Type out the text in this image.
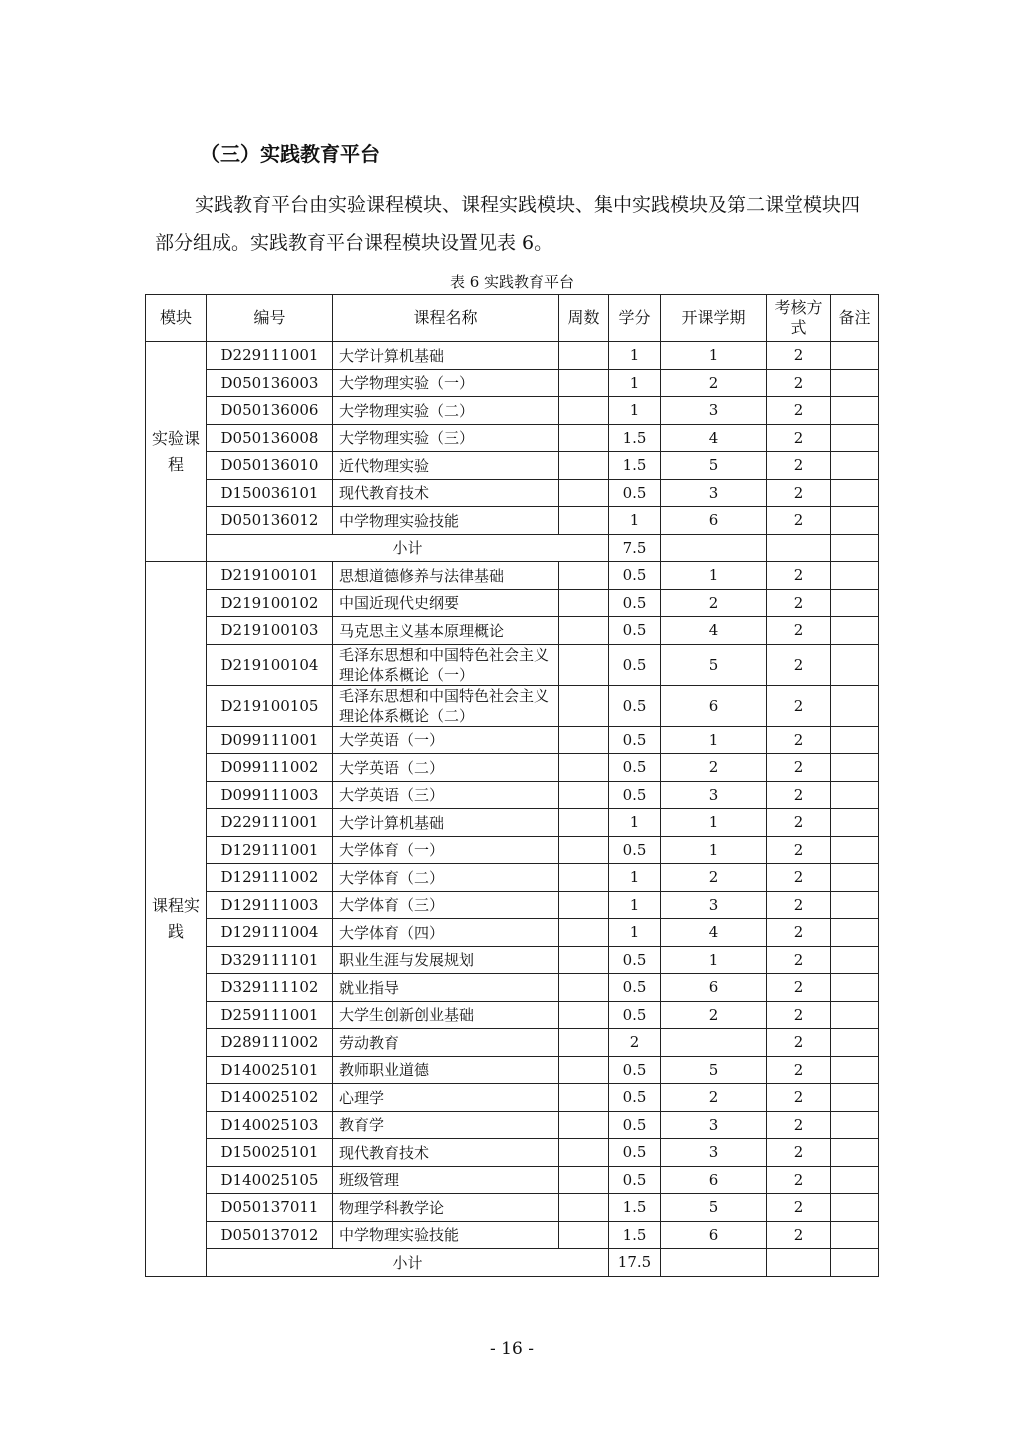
（三）实践教育平台

实践教育平台由实验课程模块、课程实践模块、集中实践模块及第二课堂模块四部分组成。实践教育平台课程模块设置见表 6。

表 6 实践教育平台
模块	编号	课程名称	周数	学分	开课学期	考核方式	备注
实验课程	D229111001	大学计算机基础		1	1	2	
	D050136003	大学物理实验（一）		1	2	2	
	D050136006	大学物理实验（二）		1	3	2	
	D050136008	大学物理实验（三）		1.5	4	2	
	D050136010	近代物理实验		1.5	5	2	
	D150036101	现代教育技术		0.5	3	2	
	D050136012	中学物理实验技能		1	6	2	
	小计			7.5			
课程实践	D219100101	思想道德修养与法律基础		0.5	1	2	
	D219100102	中国近现代史纲要		0.5	2	2	
	D219100103	马克思主义基本原理概论		0.5	4	2	
	D219100104	毛泽东思想和中国特色社会主义理论体系概论（一）		0.5	5	2	
	D219100105	毛泽东思想和中国特色社会主义理论体系概论（二）		0.5	6	2	
	D099111001	大学英语（一）		0.5	1	2	
	D099111002	大学英语（二）		0.5	2	2	
	D099111003	大学英语（三）		0.5	3	2	
	D229111001	大学计算机基础		1	1	2	
	D129111001	大学体育（一）		0.5	1	2	
	D129111002	大学体育（二）		1	2	2	
	D129111003	大学体育（三）		1	3	2	
	D129111004	大学体育（四）		1	4	2	
	D329111101	职业生涯与发展规划		0.5	1	2	
	D329111102	就业指导		0.5	6	2	
	D259111001	大学生创新创业基础		0.5	2	2	
	D289111002	劳动教育		2		2	
	D140025101	教师职业道德		0.5	5	2	
	D140025102	心理学		0.5	2	2	
	D140025103	教育学		0.5	3	2	
	D150025101	现代教育技术		0.5	3	2	
	D140025105	班级管理		0.5	6	2	
	D050137011	物理学科教学论		1.5	5	2	
	D050137012	中学物理实验技能		1.5	6	2	
	小计			17.5			
- 16 -
